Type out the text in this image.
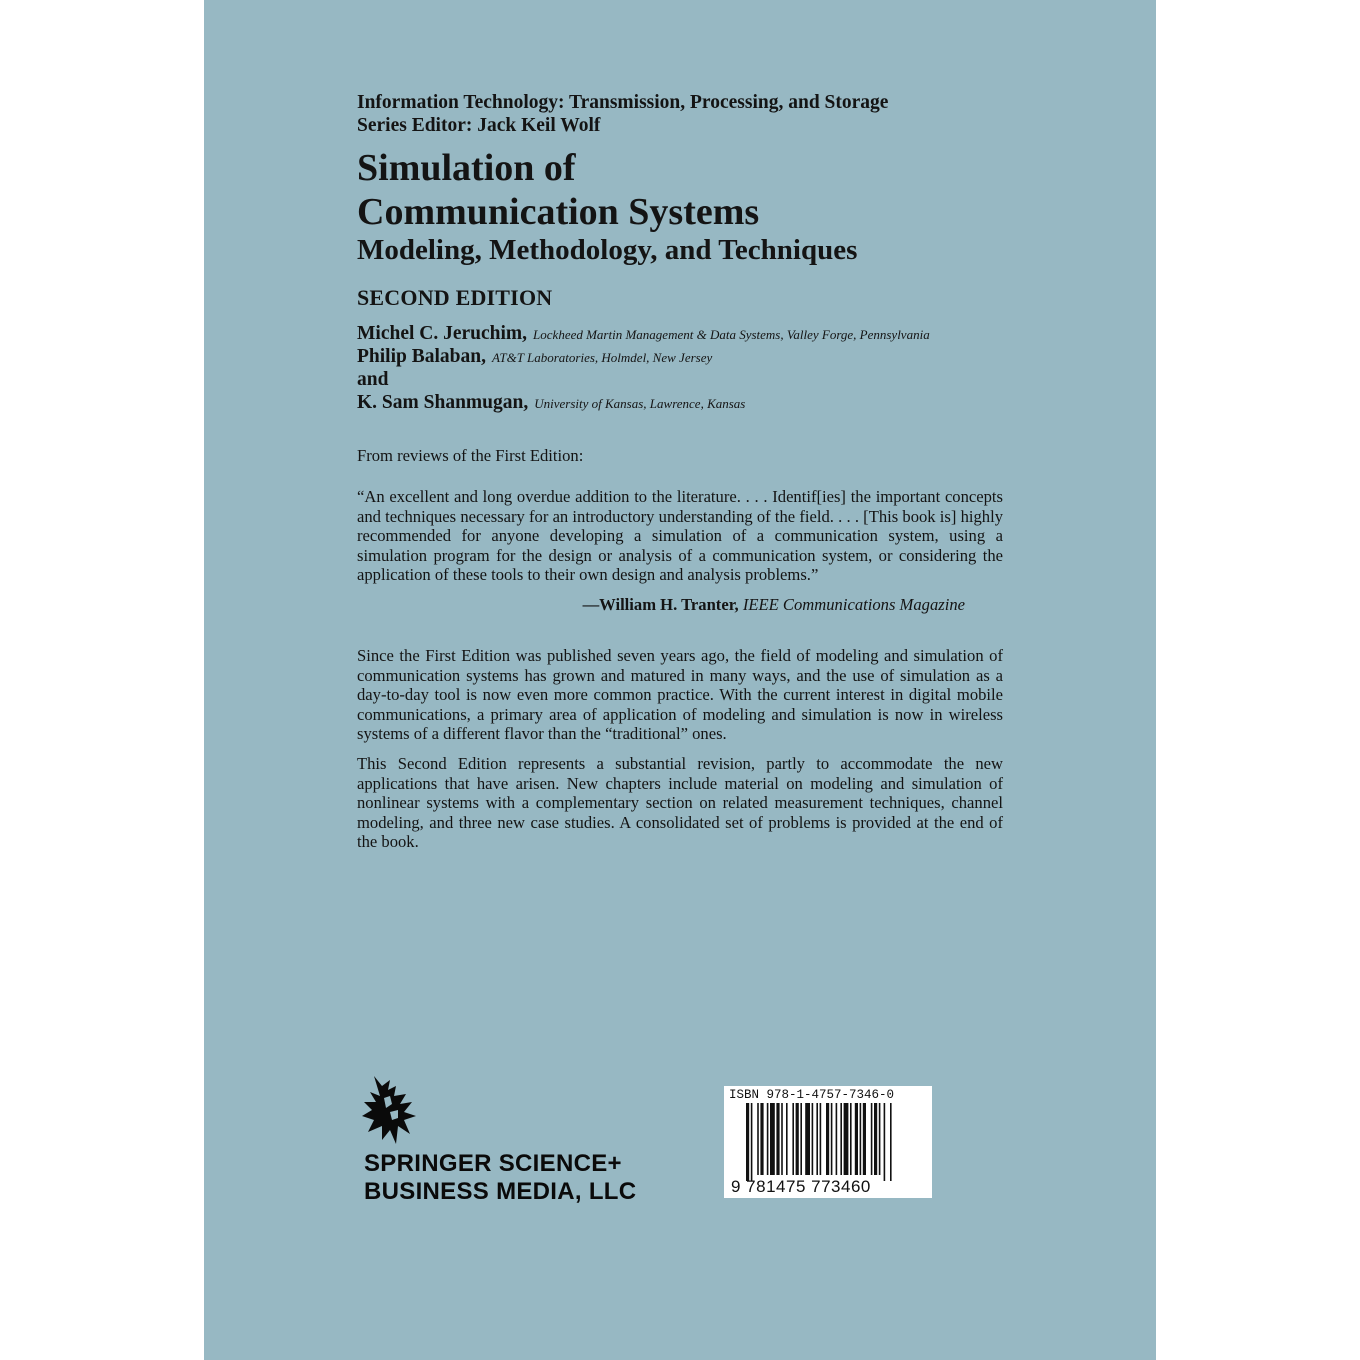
Information Technology: Transmission, Processing, and Storage
Series Editor: Jack Keil Wolf
Simulation of
Communication Systems
Modeling, Methodology, and Techniques
SECOND EDITION
Michel C. Jeruchim, Lockheed Martin Management & Data Systems, Valley Forge, Pennsylvania
Philip Balaban, AT&T Laboratories, Holmdel, New Jersey
and
K. Sam Shanmugan, University of Kansas, Lawrence, Kansas
From reviews of the First Edition:
“An excellent and long overdue addition to the literature. . . . Identif[ies] the important concepts and techniques necessary for an introductory understanding of the field. . . . [This book is] highly recommended for anyone developing a simulation of a communication system, using a simulation program for the design or analysis of a communication system, or considering the application of these tools to their own design and analysis problems.”
—William H. Tranter, IEEE Communications Magazine
Since the First Edition was published seven years ago, the field of modeling and simulation of communication systems has grown and matured in many ways, and the use of simulation as a day-to-day tool is now even more common practice. With the current interest in digital mobile communications, a primary area of application of modeling and simulation is now in wireless systems of a different flavor than the “traditional” ones.
This Second Edition represents a substantial revision, partly to accommodate the new applications that have arisen. New chapters include material on modeling and simulation of nonlinear systems with a complementary section on related measurement techniques, channel modeling, and three new case studies. A consolidated set of problems is provided at the end of the book.
SPRINGER SCIENCE+
BUSINESS MEDIA, LLC
ISBN 978-1-4757-7346-0
9 781475 773460
